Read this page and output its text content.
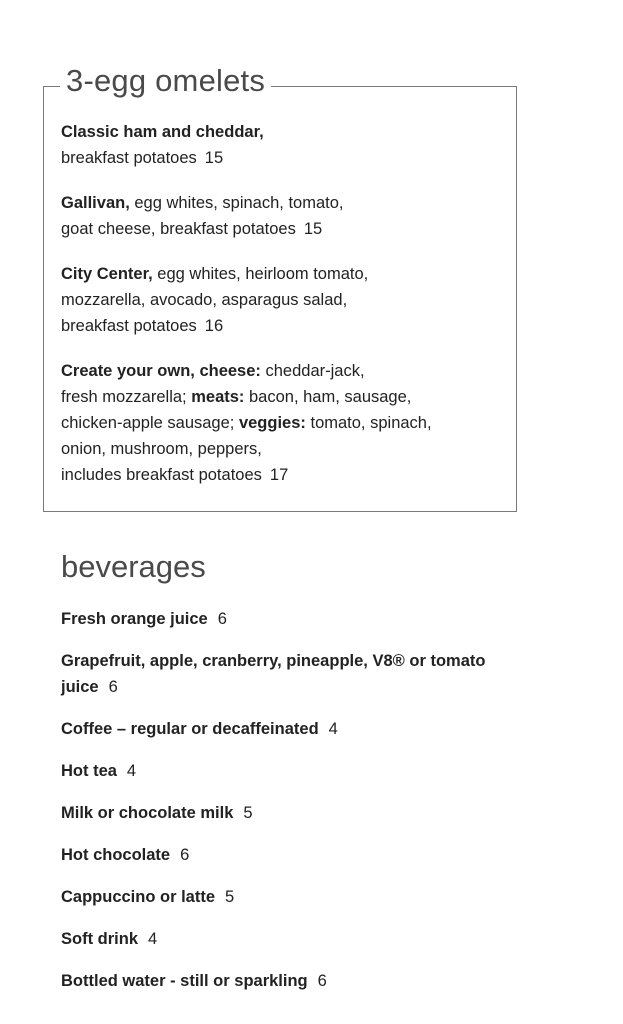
3-egg omelets
Classic ham and cheddar,
breakfast potatoes 15
Gallivan, egg whites, spinach, tomato,
goat cheese, breakfast potatoes 15
City Center, egg whites, heirloom tomato,
mozzarella, avocado, asparagus salad,
breakfast potatoes 16
Create your own, cheese: cheddar-jack,
fresh mozzarella; meats: bacon, ham, sausage,
chicken-apple sausage; veggies: tomato, spinach,
onion, mushroom, peppers,
includes breakfast potatoes 17
beverages
Fresh orange juice 6
Grapefruit, apple, cranberry, pineapple, V8® or tomato juice 6
Coffee – regular or decaffeinated 4
Hot tea 4
Milk or chocolate milk 5
Hot chocolate 6
Cappuccino or latte 5
Soft drink 4
Bottled water - still or sparkling 6
